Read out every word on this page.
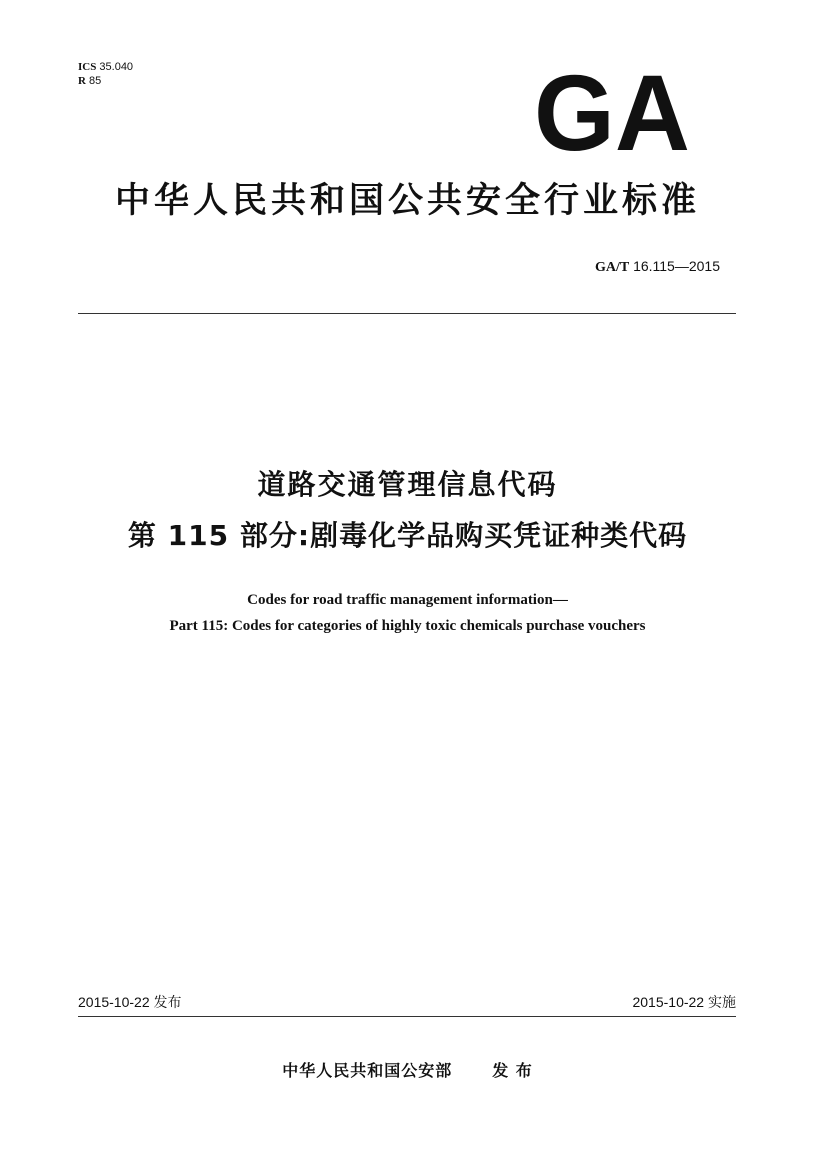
ICS 35.040
R 85	GA
中华人民共和国公共安全行业标准
GA/T 16.115—2015
道路交通管理信息代码
第 115 部分:剧毒化学品购买凭证种类代码
Codes for road traffic management information—
Part 115: Codes for categories of highly toxic chemicals purchase vouchers
2015-10-22 发布	2015-10-22 实施
中华人民共和国公安部	发 布
